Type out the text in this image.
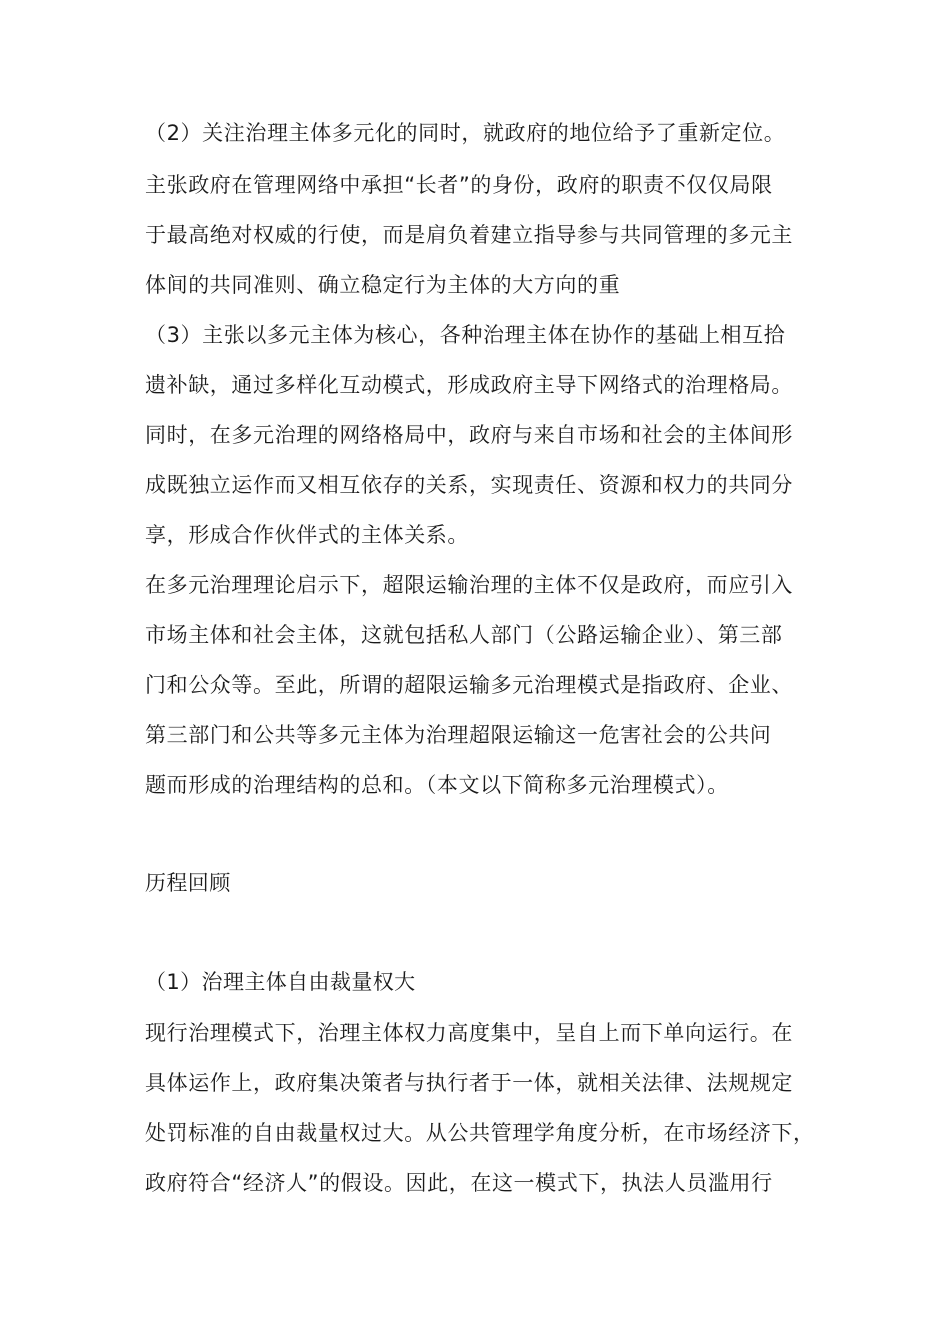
（2）关注治理主体多元化的同时，就政府的地位给予了重新定位。
主张政府在管理网络中承担“长者”的身份，政府的职责不仅仅局限
于最高绝对权威的行使，而是肩负着建立指导参与共同管理的多元主
体间的共同准则、确立稳定行为主体的大方向的重
（3）主张以多元主体为核心，各种治理主体在协作的基础上相互拾
遗补缺，通过多样化互动模式，形成政府主导下网络式的治理格局。
同时，在多元治理的网络格局中，政府与来自市场和社会的主体间形
成既独立运作而又相互依存的关系，实现责任、资源和权力的共同分
享，形成合作伙伴式的主体关系。
在多元治理理论启示下，超限运输治理的主体不仅是政府，而应引入
市场主体和社会主体，这就包括私人部门（公路运输企业）、第三部
门和公众等。至此，所谓的超限运输多元治理模式是指政府、企业、
第三部门和公共等多元主体为治理超限运输这一危害社会的公共问
题而形成的治理结构的总和。（本文以下简称多元治理模式）。
历程回顾
（1）治理主体自由裁量权大
现行治理模式下，治理主体权力高度集中，呈自上而下单向运行。在
具体运作上，政府集决策者与执行者于一体，就相关法律、法规规定
处罚标准的自由裁量权过大。从公共管理学角度分析，在市场经济下，
政府符合“经济人”的假设。因此，在这一模式下，执法人员滥用行
